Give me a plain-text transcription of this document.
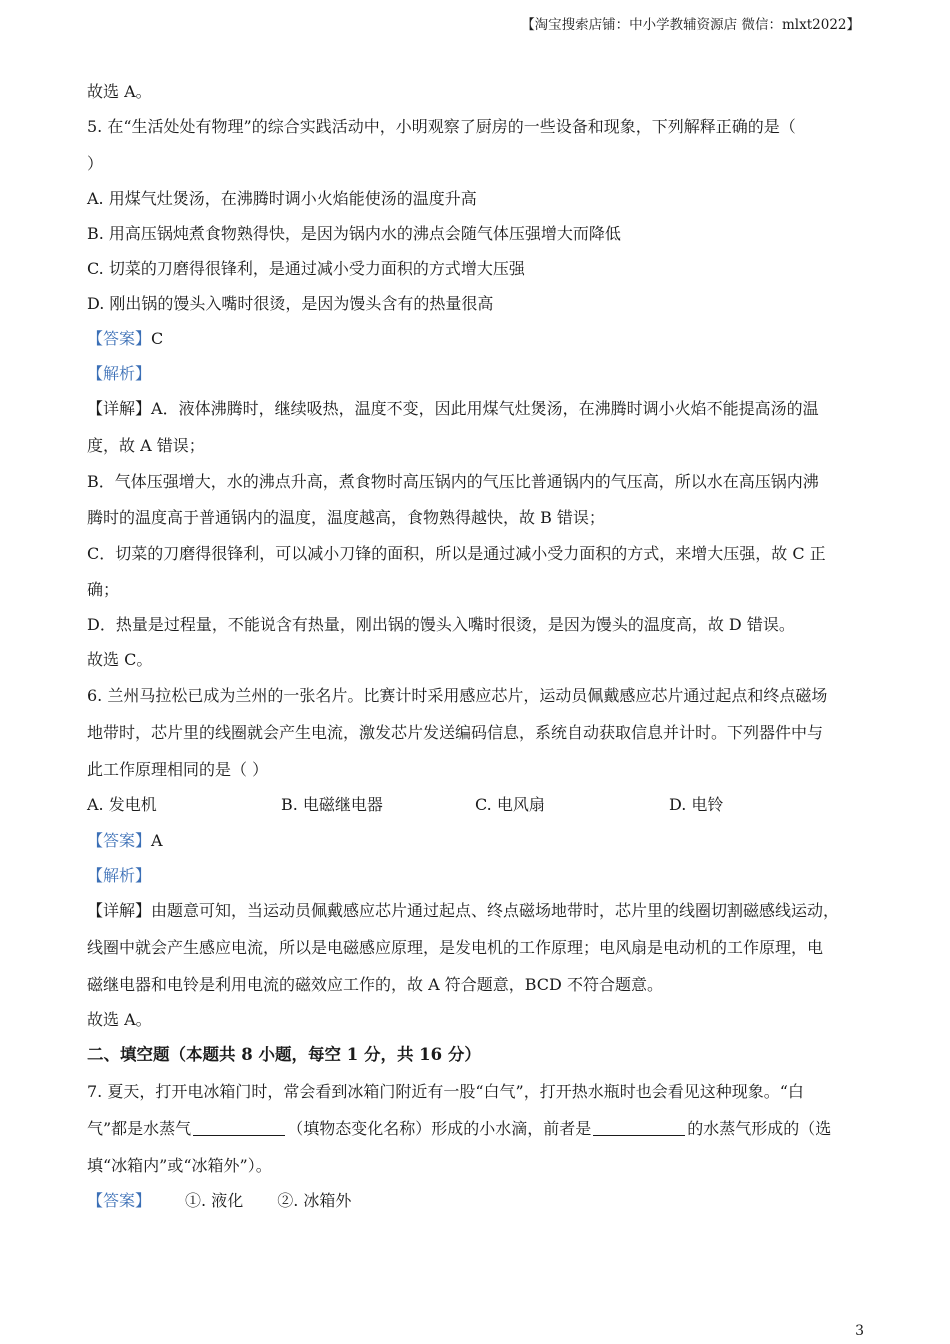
【淘宝搜索店铺：中小学教辅资源店 微信：mlxt2022】
故选 A。
5. 在“生活处处有物理”的综合实践活动中，小明观察了厨房的一些设备和现象，下列解释正确的是（
）
A. 用煤气灶煲汤，在沸腾时调小火焰能使汤的温度升高
B. 用高压锅炖煮食物熟得快，是因为锅内水的沸点会随气体压强增大而降低
C. 切菜的刀磨得很锋利，是通过减小受力面积的方式增大压强
D. 刚出锅的馒头入嘴时很烫，是因为馒头含有的热量很高
【答案】C
【解析】
【详解】A．液体沸腾时，继续吸热，温度不变，因此用煤气灶煲汤，在沸腾时调小火焰不能提高汤的温
度，故 A 错误；
B．气体压强增大，水的沸点升高，煮食物时高压锅内的气压比普通锅内的气压高，所以水在高压锅内沸
腾时的温度高于普通锅内的温度，温度越高，食物熟得越快，故 B 错误；
C．切菜的刀磨得很锋利，可以减小刀锋的面积，所以是通过减小受力面积的方式，来增大压强，故 C 正
确；
D．热量是过程量，不能说含有热量，刚出锅的馒头入嘴时很烫，是因为馒头的温度高，故 D 错误。
故选 C。
6. 兰州马拉松已成为兰州的一张名片。比赛计时采用感应芯片，运动员佩戴感应芯片通过起点和终点磁场
地带时，芯片里的线圈就会产生电流，激发芯片发送编码信息，系统自动获取信息并计时。下列器件中与
此工作原理相同的是（ ）
A. 发电机	B. 电磁继电器	C. 电风扇	D. 电铃
【答案】A
【解析】
【详解】由题意可知，当运动员佩戴感应芯片通过起点、终点磁场地带时，芯片里的线圈切割磁感线运动，
线圈中就会产生感应电流，所以是电磁感应原理，是发电机的工作原理；电风扇是电动机的工作原理，电
磁继电器和电铃是利用电流的磁效应工作的，故 A 符合题意，BCD 不符合题意。
故选 A。
二、填空题（本题共 8 小题，每空 1 分，共 16 分）
7. 夏天，打开电冰箱门时，常会看到冰箱门附近有一股“白气”，打开热水瓶时也会看见这种现象。“白
气”都是水蒸气	（填物态变化名称）形成的小水滴，前者是	的水蒸气形成的（选
填“冰箱内”或“冰箱外”）。
【答案】 ①. 液化 ②. 冰箱外
3
